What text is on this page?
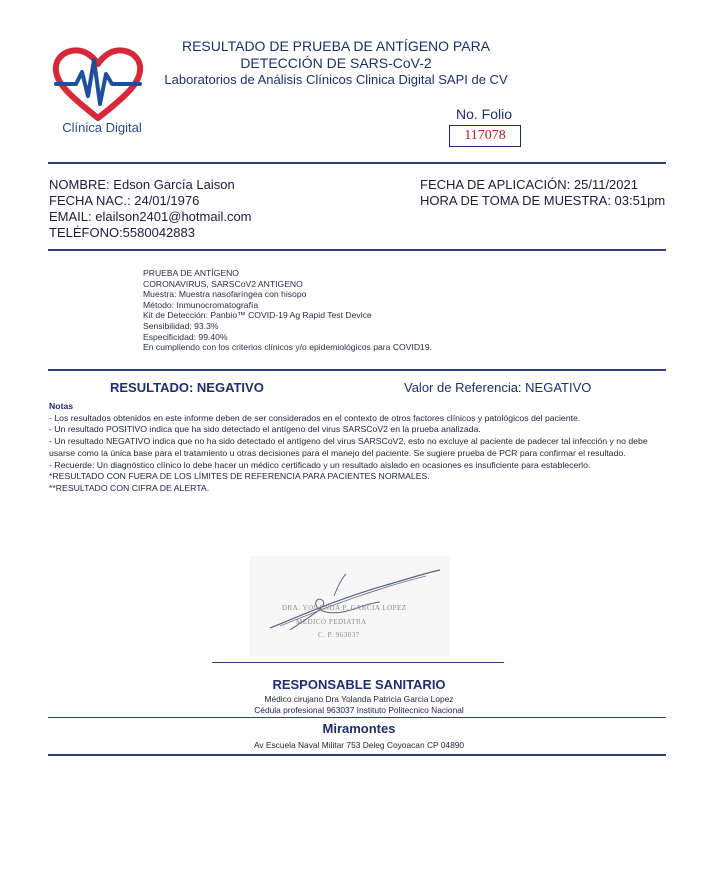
Clínica Digital
RESULTADO DE PRUEBA DE ANTÍGENO PARA
DETECCIÓN DE SARS-CoV-2
Laboratorios de Análisis Clínicos Clinica Digital SAPI de CV
No. Folio
117078
NOMBRE: Edson García Laison
FECHA NAC.: 24/01/1976
EMAIL: elailson2401@hotmail.com
TELÉFONO:5580042883
FECHA DE APLICACIÓN: 25/11/2021
HORA DE TOMA DE MUESTRA: 03:51pm
PRUEBA DE ANTÍGENO
CORONAVIRUS, SARSCoV2 ANTIGENO
Muestra: Muestra nasofaríngea con hisopo
Método: Inmunocromatografía
Kit de Detección: Panbio™ COVID-19 Ag Rapid Test Device
Sensibilidad: 93.3%
Especificidad: 99.40%
En cumpliendo con los criterios clínicos y/o epidemiológicos para COVID19.
RESULTADO: NEGATIVO	Valor de Referencia: NEGATIVO
Notas
- Los resultados obtenidos en este informe deben de ser considerados en el contexto de otros factores clínicos y patológicos del paciente.
- Un resultado POSITIVO indica que ha sido detectado el antígeno del virus SARSCoV2 en la prueba analizada.
- Un resultado NEGATIVO indica que no ha sido detectado el antígeno del virus SARSCoV2, esto no excluye al paciente de padecer tal infección y no debe usarse como la única base para el tratamiento u otras decisiones para el manejo del paciente. Se sugiere prueba de PCR para confirmar el resultado.
- Recuerde: Un diagnóstico clínico lo debe hacer un médico certificado y un resultado aislado en ocasiones es insuficiente para establecerlo.
*RESULTADO CON FUERA DE LOS LÍMITES DE REFERENCIA PARA PACIENTES NORMALES.
**RESULTADO CON CIFRA DE ALERTA.
DRA. YOLANDA P. GARCIA LOPEZ
MEDICO PEDIATRA
C. P. 963037
RESPONSABLE SANITARIO
Médico cirujano Dra Yolanda Patricia Garcia Lopez
Cédula profesional 963037 Instituto Politecnico Nacional
Miramontes
Av Escuela Naval Militar 753 Deleg Coyoacan CP 04890
